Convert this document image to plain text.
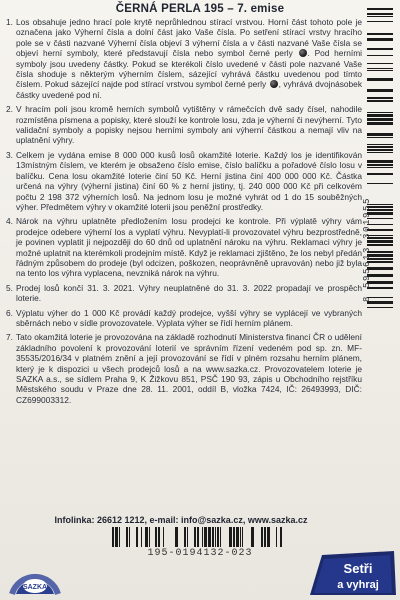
ČERNÁ PERLA 195 – 7. emise
1. Los obsahuje jedno hrací pole krytě neprůhlednou stírací vrstvou. Horní část tohoto pole je označena jako Výherní čísla a dolní část jako Vaše čísla. Po setření stírací vrstvy hracího pole se v části nazvané Výherní čísla objeví 3 výherní čísla a v části nazvané Vaše čísla se objeví herní symboly, které představují čísla nebo symbol černé perly . Pod herními symboly jsou uvedeny částky. Pokud se kterékoli číslo uvedené v části pole nazvané Vaše čísla shoduje s některým výherním číslem, sázející vyhrává částku uvedenou pod tímto číslem. Pokud sázející najde pod stírací vrstvou symbol černé perly , vyhrává dvojnásobek částky uvedené pod ní.
2. V hracím poli jsou kromě herních symbolů vytištěny v rámečcích dvě sady čísel, nahodile rozmístěna písmena a popisky, které slouží ke kontrole losu, zda je výherní či nevýherní. Tyto validační symboly a popisky nejsou herními symboly ani výherní částkou a nemají vliv na uplatnění výhry.
3. Celkem je vydána emise 8 000 000 kusů losů okamžité loterie. Každý los je identifikován 13místným číslem, ve kterém je obsaženo číslo emise, číslo balíčku a pořadové číslo losu v balíčku. Cena losu okamžité loterie činí 50 Kč. Herní jistina činí 400 000 000 Kč. Částka určená na výhry (výherní jistina) činí 60 % z herní jistiny, tj. 240 000 000 Kč při celkovém počtu 2 198 372 výherních losů. Na jednom losu je možné vyhrát od 1 do 15 souběžných výher. Předmětem výhry v okamžité loterii jsou peněžní prostředky.
4. Nárok na výhru uplatněte předložením losu prodejci ke kontrole. Při výplatě výhry vám prodejce odebere výherní los a vyplatí výhru. Nevyplatí-li provozovatel výhru bezprostředně, je povinen vyplatit ji nejpozději do 60 dnů od uplatnění nároku na výhru. Reklamaci výhry je možné uplatnit na kterémkoli prodejním místě. Když je reklamaci zjištěno, že los nebyl předán řádným způsobem do prodeje (byl odcizen, poškozen, neoprávněně upravován) nebo již byla na tento los výhra vyplacena, nevzniká nárok na výhru.
5. Prodej losů končí 31. 3. 2021. Výhry neuplatněné do 31. 3. 2022 propadají ve prospěch loterie.
6. Výplatu výher do 1 000 Kč provádí každý prodejce, vyšší výhry se vyplácejí ve vybraných sběrnách nebo v sídle provozovatele. Výplata výher se řídí herním plánem.
7. Tato okamžitá loterie je provozována na základě rozhodnutí Ministerstva financí ČR o udělení základního povolení k provozování loterií ve správním řízení vedeném pod sp. zn. MF-35535/2016/34 v platném znění a její provozování se řídí v plném rozsahu herním plánem, který je k dispozici u všech prodejců losů a na www.sazka.cz. Provozovatelem loterie je SAZKA a.s., se sídlem Praha 9, K Žižkovu 851, PSČ 190 93, zápis u Obchodního rejstříku Městského soudu v Praze dne 28. 11. 2001, oddíl B, vložka 7424, IČ: 26493993, DIČ: CZ699003312.
Infolinka: 26612 1212, e-mail: info@sazka.cz, www.sazka.cz
8 595613 301955
195-0194132-023
SAZKA
Setři
a vyhraj
